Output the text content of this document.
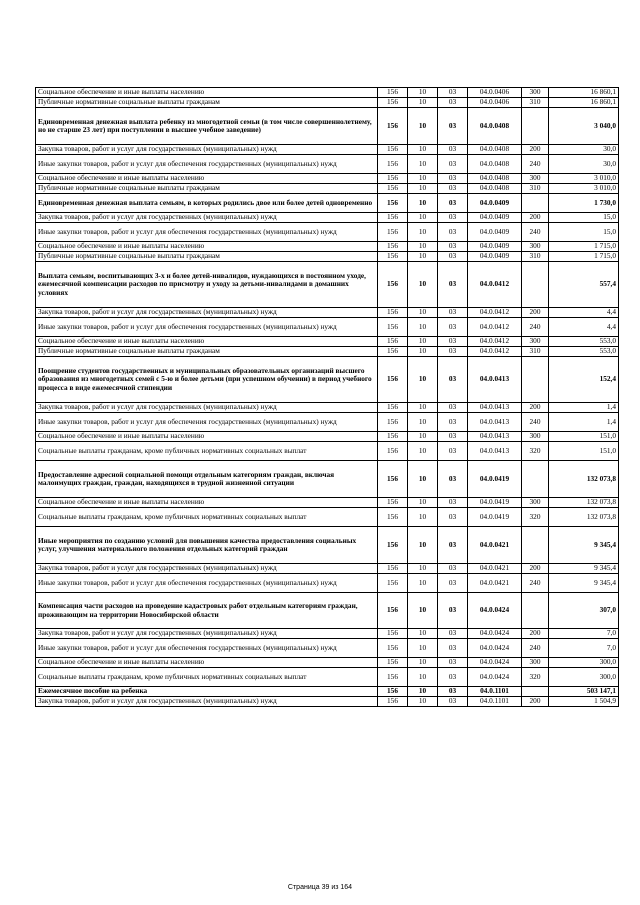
Социальное обеспечение и иные выплаты населению	156	10	03	04.0.0406	300	16 860,1
Публичные нормативные социальные выплаты гражданам	156	10	03	04.0.0406	310	16 860,1
Единовременная денежная выплата ребенку из многодетной семьи (в том числе совершеннолетнему, но не старше 23 лет) при поступлении в высшее учебное заведение)	156	10	03	04.0.0408		3 040,0
Закупка товаров, работ и услуг для государственных (муниципальных) нужд	156	10	03	04.0.0408	200	30,0
Иные закупки товаров, работ и услуг для обеспечения государственных (муниципальных) нужд	156	10	03	04.0.0408	240	30,0
Социальное обеспечение и иные выплаты населению	156	10	03	04.0.0408	300	3 010,0
Публичные нормативные социальные выплаты гражданам	156	10	03	04.0.0408	310	3 010,0
Единовременная денежная выплата семьям, в которых родились двое или более детей одновременно	156	10	03	04.0.0409		1 730,0
Закупка товаров, работ и услуг для государственных (муниципальных) нужд	156	10	03	04.0.0409	200	15,0
Иные закупки товаров, работ и услуг для обеспечения государственных (муниципальных) нужд	156	10	03	04.0.0409	240	15,0
Социальное обеспечение и иные выплаты населению	156	10	03	04.0.0409	300	1 715,0
Публичные нормативные социальные выплаты гражданам	156	10	03	04.0.0409	310	1 715,0
Выплата семьям, воспитывающих 3-х и более детей-инвалидов, нуждающихся в постоянном уходе, ежемесячной компенсации расходов по присмотру и уходу за детьми-инвалидами в домашних условиях	156	10	03	04.0.0412		557,4
Закупка товаров, работ и услуг для государственных (муниципальных) нужд	156	10	03	04.0.0412	200	4,4
Иные закупки товаров, работ и услуг для обеспечения государственных (муниципальных) нужд	156	10	03	04.0.0412	240	4,4
Социальное обеспечение и иные выплаты населению	156	10	03	04.0.0412	300	553,0
Публичные нормативные социальные выплаты гражданам	156	10	03	04.0.0412	310	553,0
Поощрение студентов государственных и муниципальных образовательных организаций высшего образования из многодетных семей с 5-ю и более детьми (при успешном обучении) в период учебного процесса в виде ежемесячной стипендии	156	10	03	04.0.0413		152,4
Закупка товаров, работ и услуг для государственных (муниципальных) нужд	156	10	03	04.0.0413	200	1,4
Иные закупки товаров, работ и услуг для обеспечения государственных (муниципальных) нужд	156	10	03	04.0.0413	240	1,4
Социальное обеспечение и иные выплаты населению	156	10	03	04.0.0413	300	151,0
Социальные выплаты гражданам, кроме публичных нормативных социальных выплат	156	10	03	04.0.0413	320	151,0
Предоставление адресной социальной помощи отдельным категориям граждан, включая малоимущих граждан, граждан, находящихся в трудной жизненной ситуации	156	10	03	04.0.0419		132 073,8
Социальное обеспечение и иные выплаты населению	156	10	03	04.0.0419	300	132 073,8
Социальные выплаты гражданам, кроме публичных нормативных социальных выплат	156	10	03	04.0.0419	320	132 073,8
Иные мероприятия по созданию условий для повышения качества предоставления социальных услуг, улучшения материального положения отдельных категорий граждан	156	10	03	04.0.0421		9 345,4
Закупка товаров, работ и услуг для государственных (муниципальных) нужд	156	10	03	04.0.0421	200	9 345,4
Иные закупки товаров, работ и услуг для обеспечения государственных (муниципальных) нужд	156	10	03	04.0.0421	240	9 345,4
Компенсация части расходов на проведение кадастровых работ отдельным категориям граждан, проживающим на территории Новосибирской области	156	10	03	04.0.0424		307,0
Закупка товаров, работ и услуг для государственных (муниципальных) нужд	156	10	03	04.0.0424	200	7,0
Иные закупки товаров, работ и услуг для обеспечения государственных (муниципальных) нужд	156	10	03	04.0.0424	240	7,0
Социальное обеспечение и иные выплаты населению	156	10	03	04.0.0424	300	300,0
Социальные выплаты гражданам, кроме публичных нормативных социальных выплат	156	10	03	04.0.0424	320	300,0
Ежемесячное пособие на ребенка	156	10	03	04.0.1101		503 147,1
Закупка товаров, работ и услуг для государственных (муниципальных) нужд	156	10	03	04.0.1101	200	1 504,9
Страница 39 из 164
